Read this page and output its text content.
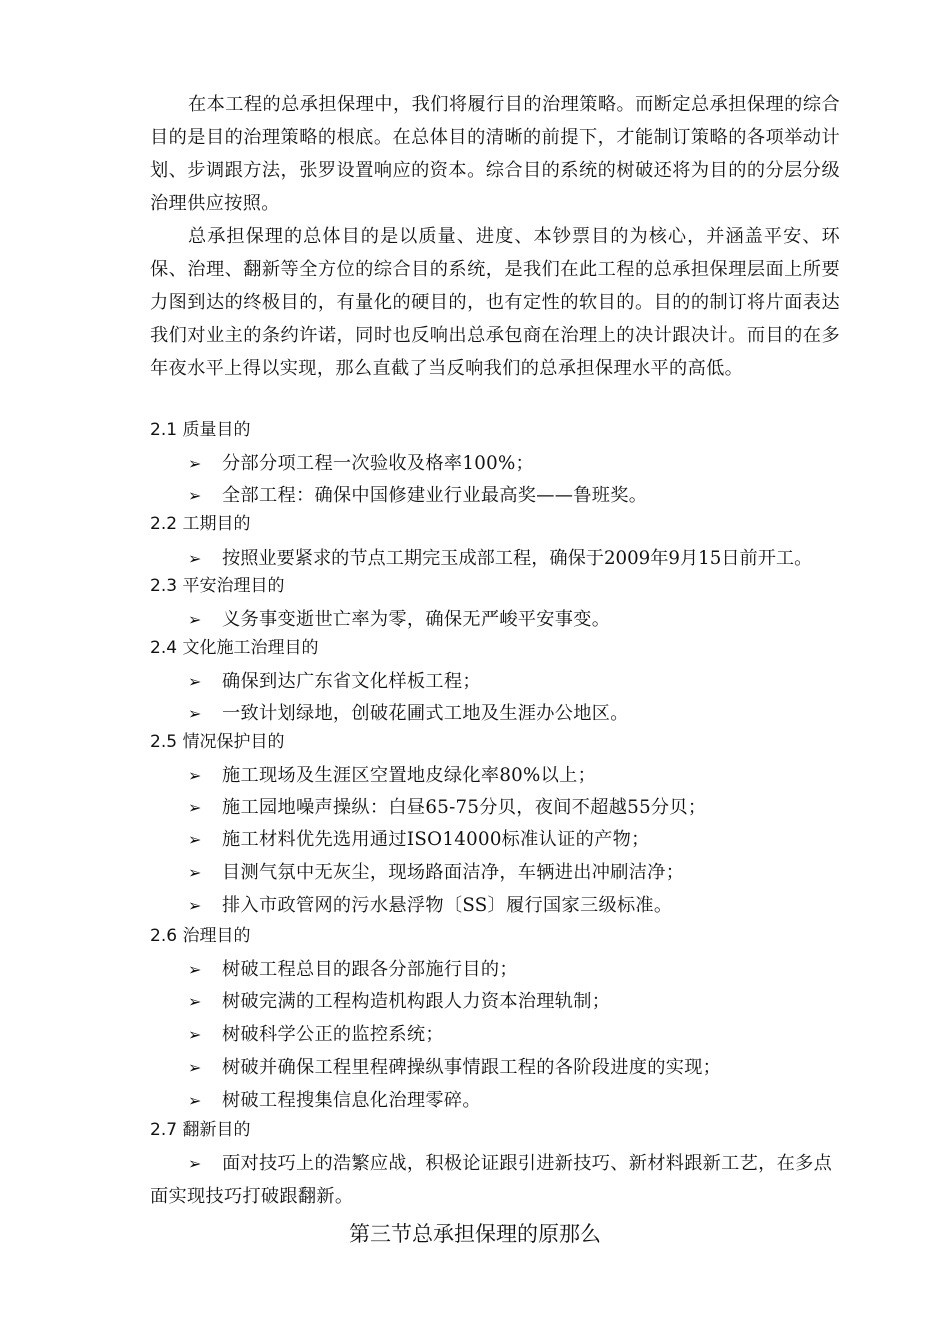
在本工程的总承担保理中，我们将履行目的治理策略。而断定总承担保理的综合目的是目的治理策略的根底。在总体目的清晰的前提下，才能制订策略的各项举动计划、步调跟方法，张罗设置响应的资本。综合目的系统的树破还将为目的的分层分级治理供应按照。

总承担保理的总体目的是以质量、进度、本钞票目的为核心，并涵盖平安、环保、治理、翻新等全方位的综合目的系统，是我们在此工程的总承担保理层面上所要力图到达的终极目的，有量化的硬目的，也有定性的软目的。目的的制订将片面表达我们对业主的条约许诺，同时也反响出总承包商在治理上的决计跟决计。而目的在多年夜水平上得以实现，那么直截了当反响我们的总承担保理水平的高低。

2.1 质量目的

➢	分部分项工程一次验收及格率100%；
➢	全部工程：确保中国修建业行业最高奖——鲁班奖。

2.2 工期目的

➢	按照业要紧求的节点工期完玉成部工程，确保于2009年9月15日前开工。

2.3 平安治理目的

➢	义务事变逝世亡率为零，确保无严峻平安事变。

2.4 文化施工治理目的

➢	确保到达广东省文化样板工程；
➢	一致计划绿地，创破花圃式工地及生涯办公地区。

2.5 情况保护目的

➢	施工现场及生涯区空置地皮绿化率80%以上；
➢	施工园地噪声操纵：白昼65-75分贝，夜间不超越55分贝；
➢	施工材料优先选用通过ISO14000标准认证的产物；
➢	目测气氛中无灰尘，现场路面洁净，车辆进出冲刷洁净；
➢	排入市政管网的污水悬浮物〔SS〕履行国家三级标准。

2.6 治理目的

➢	树破工程总目的跟各分部施行目的；
➢	树破完满的工程构造机构跟人力资本治理轨制；
➢	树破科学公正的监控系统；
➢	树破并确保工程里程碑操纵事情跟工程的各阶段进度的实现；
➢	树破工程搜集信息化治理零碎。

2.7 翻新目的

➢ 面对技巧上的浩繁应战，积极论证跟引进新技巧、新材料跟新工艺，在多点面实现技巧打破跟翻新。

第三节总承担保理的原那么
